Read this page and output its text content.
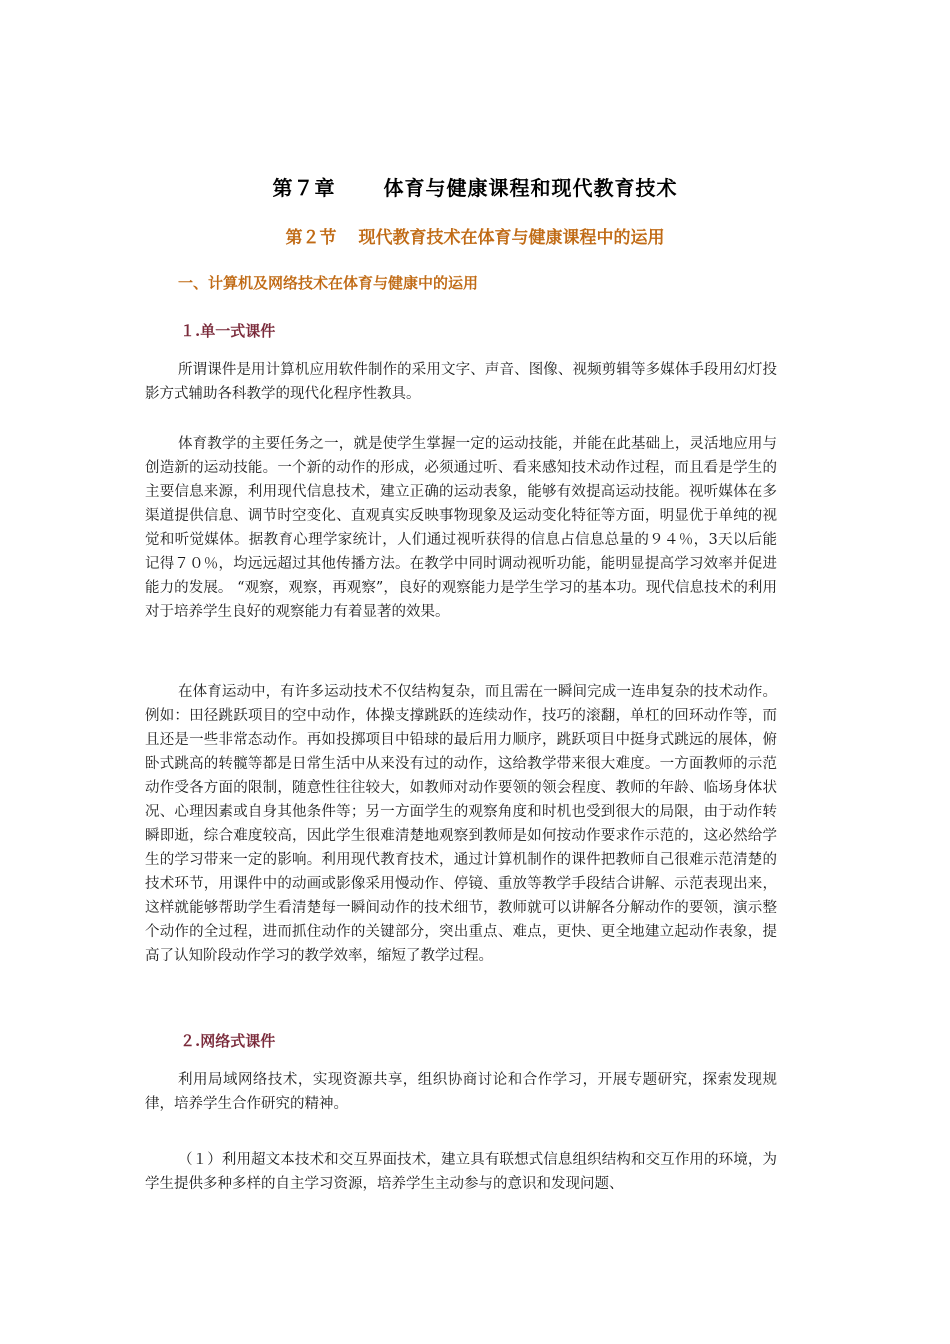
第７章 体育与健康课程和现代教育技术
第２节 现代教育技术在体育与健康课程中的运用
一、计算机及网络技术在体育与健康中的运用
１.单一式课件

所谓课件是用计算机应用软件制作的采用文字、声音、图像、视频剪辑等多媒体手段用幻灯投影方式辅助各科教学的现代化程序性教具。

体育教学的主要任务之一，就是使学生掌握一定的运动技能，并能在此基础上，灵活地应用与创造新的运动技能。一个新的动作的形成，必须通过听、看来感知技术动作过程，而且看是学生的主要信息来源，利用现代信息技术，建立正确的运动表象，能够有效提高运动技能。视听媒体在多渠道提供信息、调节时空变化、直观真实反映事物现象及运动变化特征等方面，明显优于单纯的视觉和听觉媒体。据教育心理学家统计，人们通过视听获得的信息占信息总量的９４％，3天以后能记得７０％，均远远超过其他传播方法。在教学中同时调动视听功能，能明显提高学习效率并促进能力的发展。 “观察，观察，再观察”，良好的观察能力是学生学习的基本功。现代信息技术的利用对于培养学生良好的观察能力有着显著的效果。

在体育运动中，有许多运动技术不仅结构复杂，而且需在一瞬间完成一连串复杂的技术动作。例如：田径跳跃项目的空中动作，体操支撑跳跃的连续动作，技巧的滚翻，单杠的回环动作等，而且还是一些非常态动作。再如投掷项目中铅球的最后用力顺序，跳跃项目中挺身式跳远的展体，俯卧式跳高的转髋等都是日常生活中从来没有过的动作，这给教学带来很大难度。一方面教师的示范动作受各方面的限制，随意性往往较大，如教师对动作要领的领会程度、教师的年龄、临场身体状况、心理因素或自身其他条件等；另一方面学生的观察角度和时机也受到很大的局限，由于动作转瞬即逝，综合难度较高，因此学生很难清楚地观察到教师是如何按动作要求作示范的，这必然给学生的学习带来一定的影响。利用现代教育技术，通过计算机制作的课件把教师自己很难示范清楚的技术环节，用课件中的动画或影像采用慢动作、停镜、重放等教学手段结合讲解、示范表现出来，这样就能够帮助学生看清楚每一瞬间动作的技术细节，教师就可以讲解各分解动作的要领，演示整个动作的全过程，进而抓住动作的关键部分，突出重点、难点，更快、更全地建立起动作表象，提高了认知阶段动作学习的教学效率，缩短了教学过程。

２.网络式课件

利用局域网络技术，实现资源共享，组织协商讨论和合作学习，开展专题研究，探索发现规律，培养学生合作研究的精神。

（１）利用超文本技术和交互界面技术，建立具有联想式信息组织结构和交互作用的环境，为学生提供多种多样的自主学习资源，培养学生主动参与的意识和发现问题、
